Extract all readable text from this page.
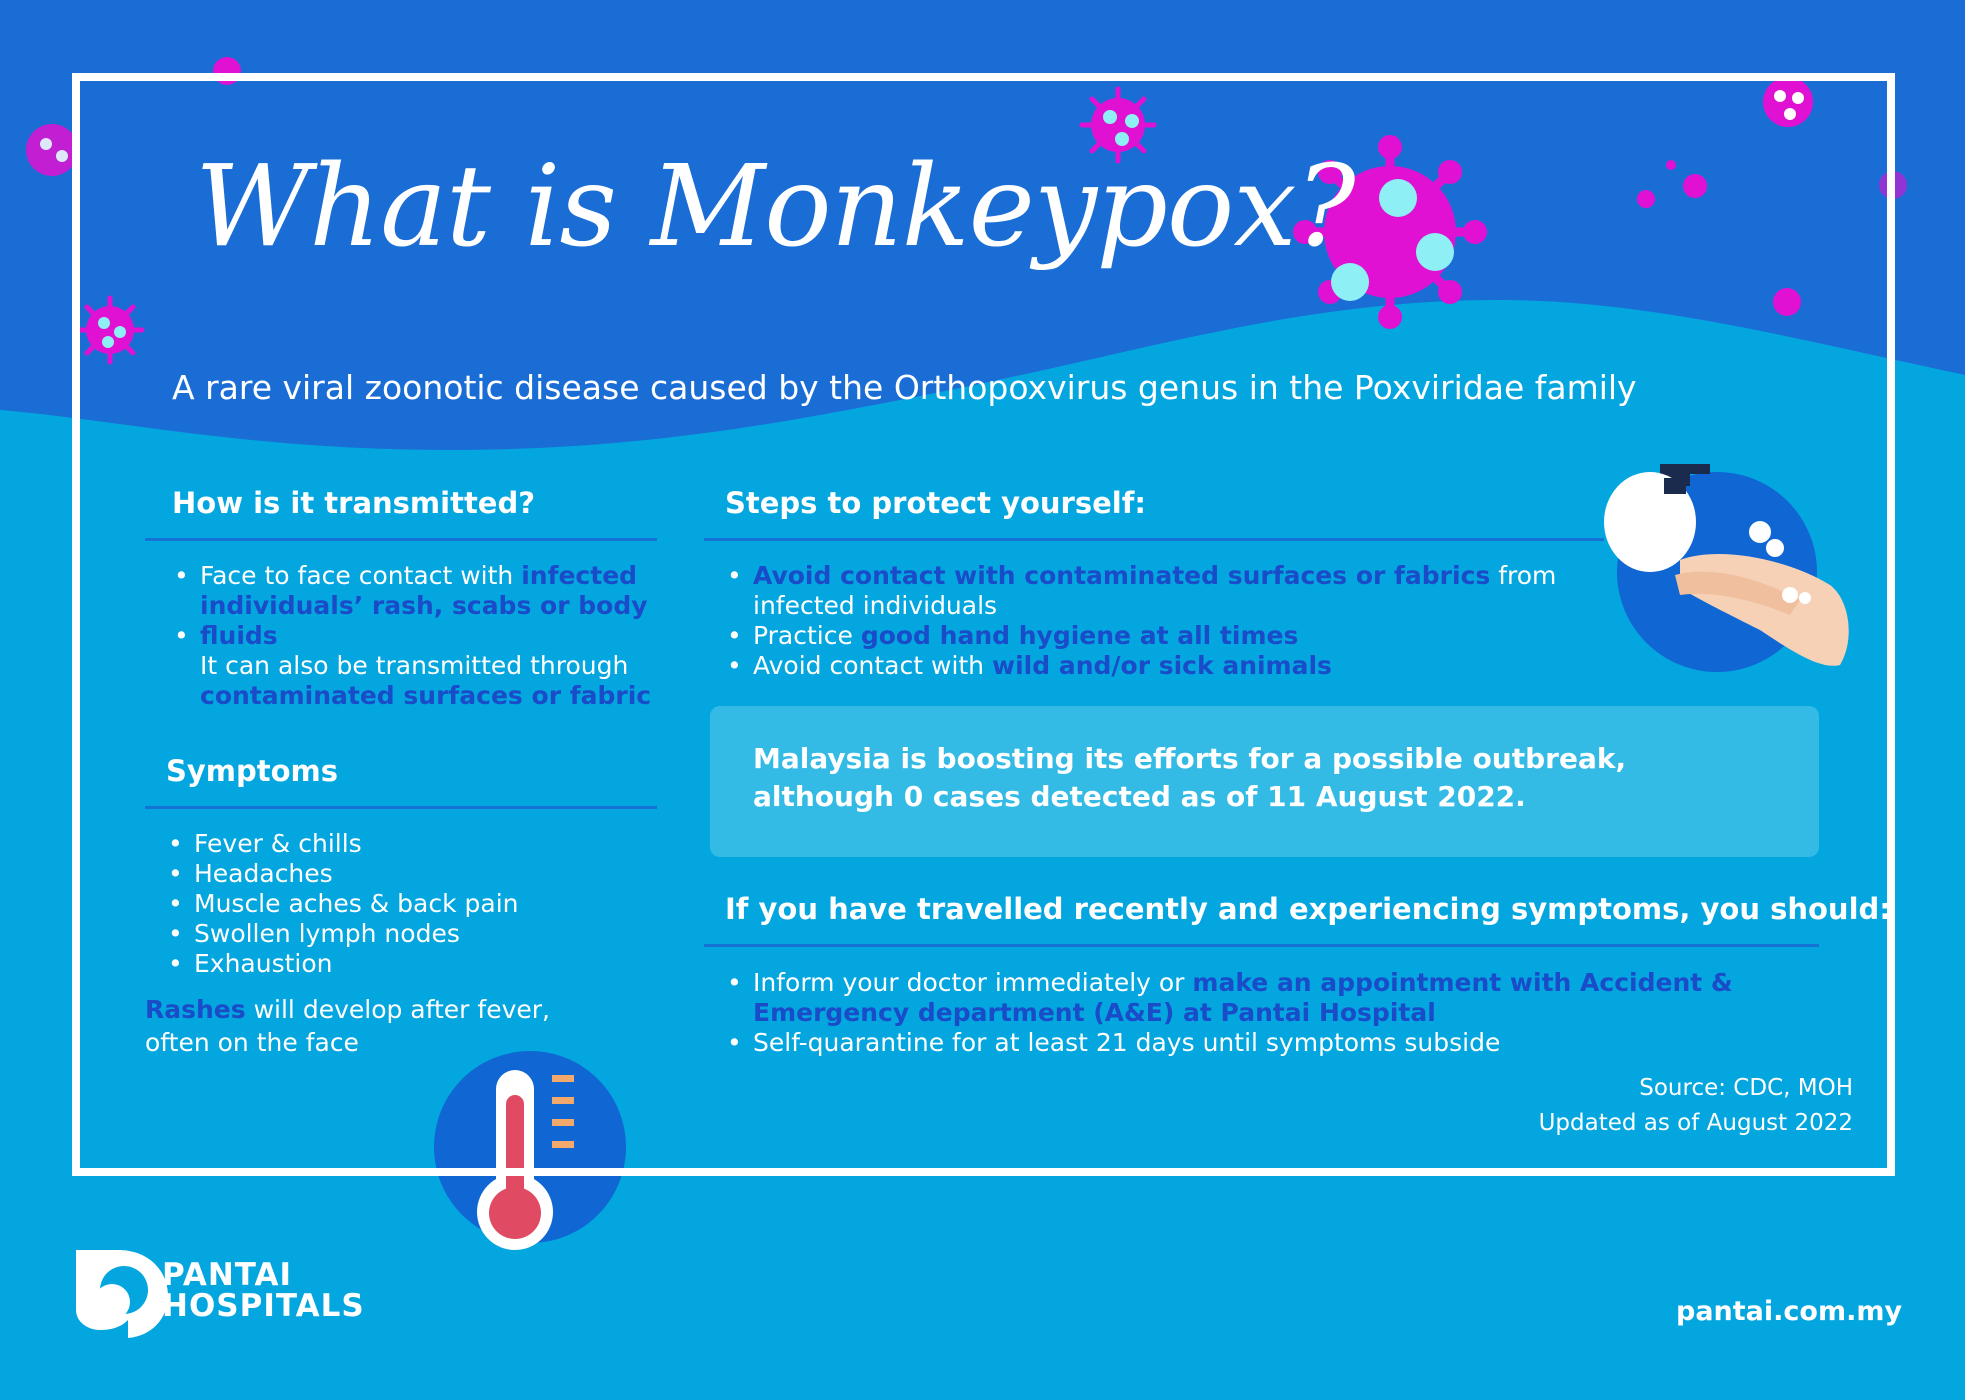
What is Monkeypox?
A rare viral zoonotic disease caused by the Orthopoxvirus genus in the Poxviridae family
How is it transmitted?
• Face to face contact with infected
individuals’ rash, scabs or body
• fluids
It can also be transmitted through
contaminated surfaces or fabric
Symptoms
• Fever & chills
• Headaches
• Muscle aches & back pain
• Swollen lymph nodes
• Exhaustion
Rashes will develop after fever,
often on the face
Steps to protect yourself:
• Avoid contact with contaminated surfaces or fabrics from
infected individuals
• Practice good hand hygiene at all times
• Avoid contact with wild and/or sick animals
Malaysia is boosting its efforts for a possible outbreak,
although 0 cases detected as of 11 August 2022.
If you have travelled recently and experiencing symptoms, you should:
• Inform your doctor immediately or make an appointment with Accident &
Emergency department (A&E) at Pantai Hospital
• Self-quarantine for at least 21 days until symptoms subside
Source: CDC, MOH
Updated as of August 2022
PANTAI
HOSPITALS	pantai.com.my
